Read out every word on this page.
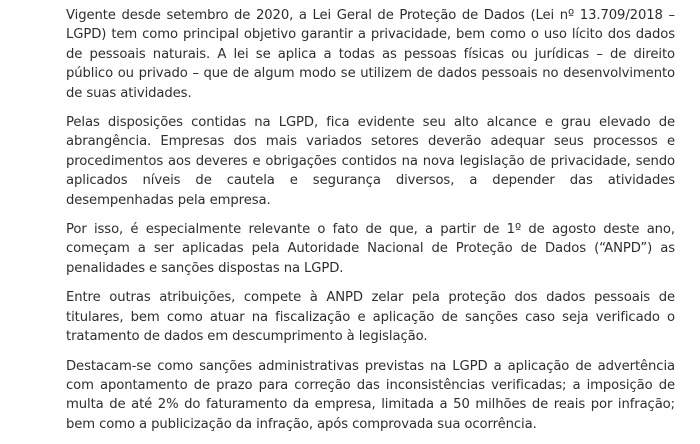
Vigente desde setembro de 2020, a Lei Geral de Proteção de Dados (Lei nº 13.709/2018 – LGPD) tem como principal objetivo garantir a privacidade, bem como o uso lícito dos dados de pessoais naturais. A lei se aplica a todas as pessoas físicas ou jurídicas – de direito público ou privado – que de algum modo se utilizem de dados pessoais no desenvolvimento de suas atividades.

Pelas disposições contidas na LGPD, fica evidente seu alto alcance e grau elevado de abrangência. Empresas dos mais variados setores deverão adequar seus processos e procedimentos aos deveres e obrigações contidos na nova legislação de privacidade, sendo aplicados níveis de cautela e segurança diversos, a depender das atividades desempenhadas pela empresa.

Por isso, é especialmente relevante o fato de que, a partir de 1º de agosto deste ano, começam a ser aplicadas pela Autoridade Nacional de Proteção de Dados (“ANPD”) as penalidades e sanções dispostas na LGPD.

Entre outras atribuições, compete à ANPD zelar pela proteção dos dados pessoais de titulares, bem como atuar na fiscalização e aplicação de sanções caso seja verificado o tratamento de dados em descumprimento à legislação.

Destacam-se como sanções administrativas previstas na LGPD a aplicação de advertência com apontamento de prazo para correção das inconsistências verificadas; a imposição de multa de até 2% do faturamento da empresa, limitada a 50 milhões de reais por infração; bem como a publicização da infração, após comprovada sua ocorrência.
